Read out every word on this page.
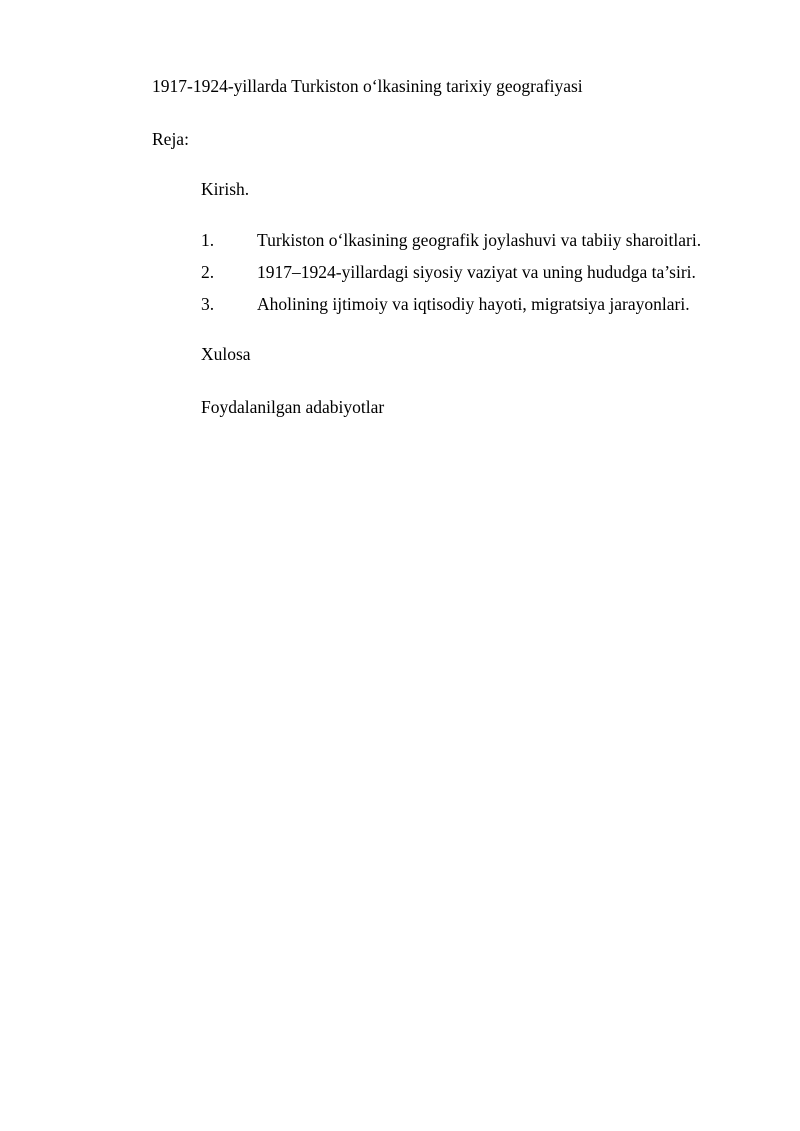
1917-1924-yillarda Turkiston o‘lkasining tarixiy geografiyasi
Reja:
Kirish.
1. Turkiston o‘lkasining geografik joylashuvi va tabiiy sharoitlari.
2. 1917–1924-yillardagi siyosiy vaziyat va uning hududga ta’siri.
3. Aholining ijtimoiy va iqtisodiy hayoti, migratsiya jarayonlari.
Xulosa
Foydalanilgan adabiyotlar
